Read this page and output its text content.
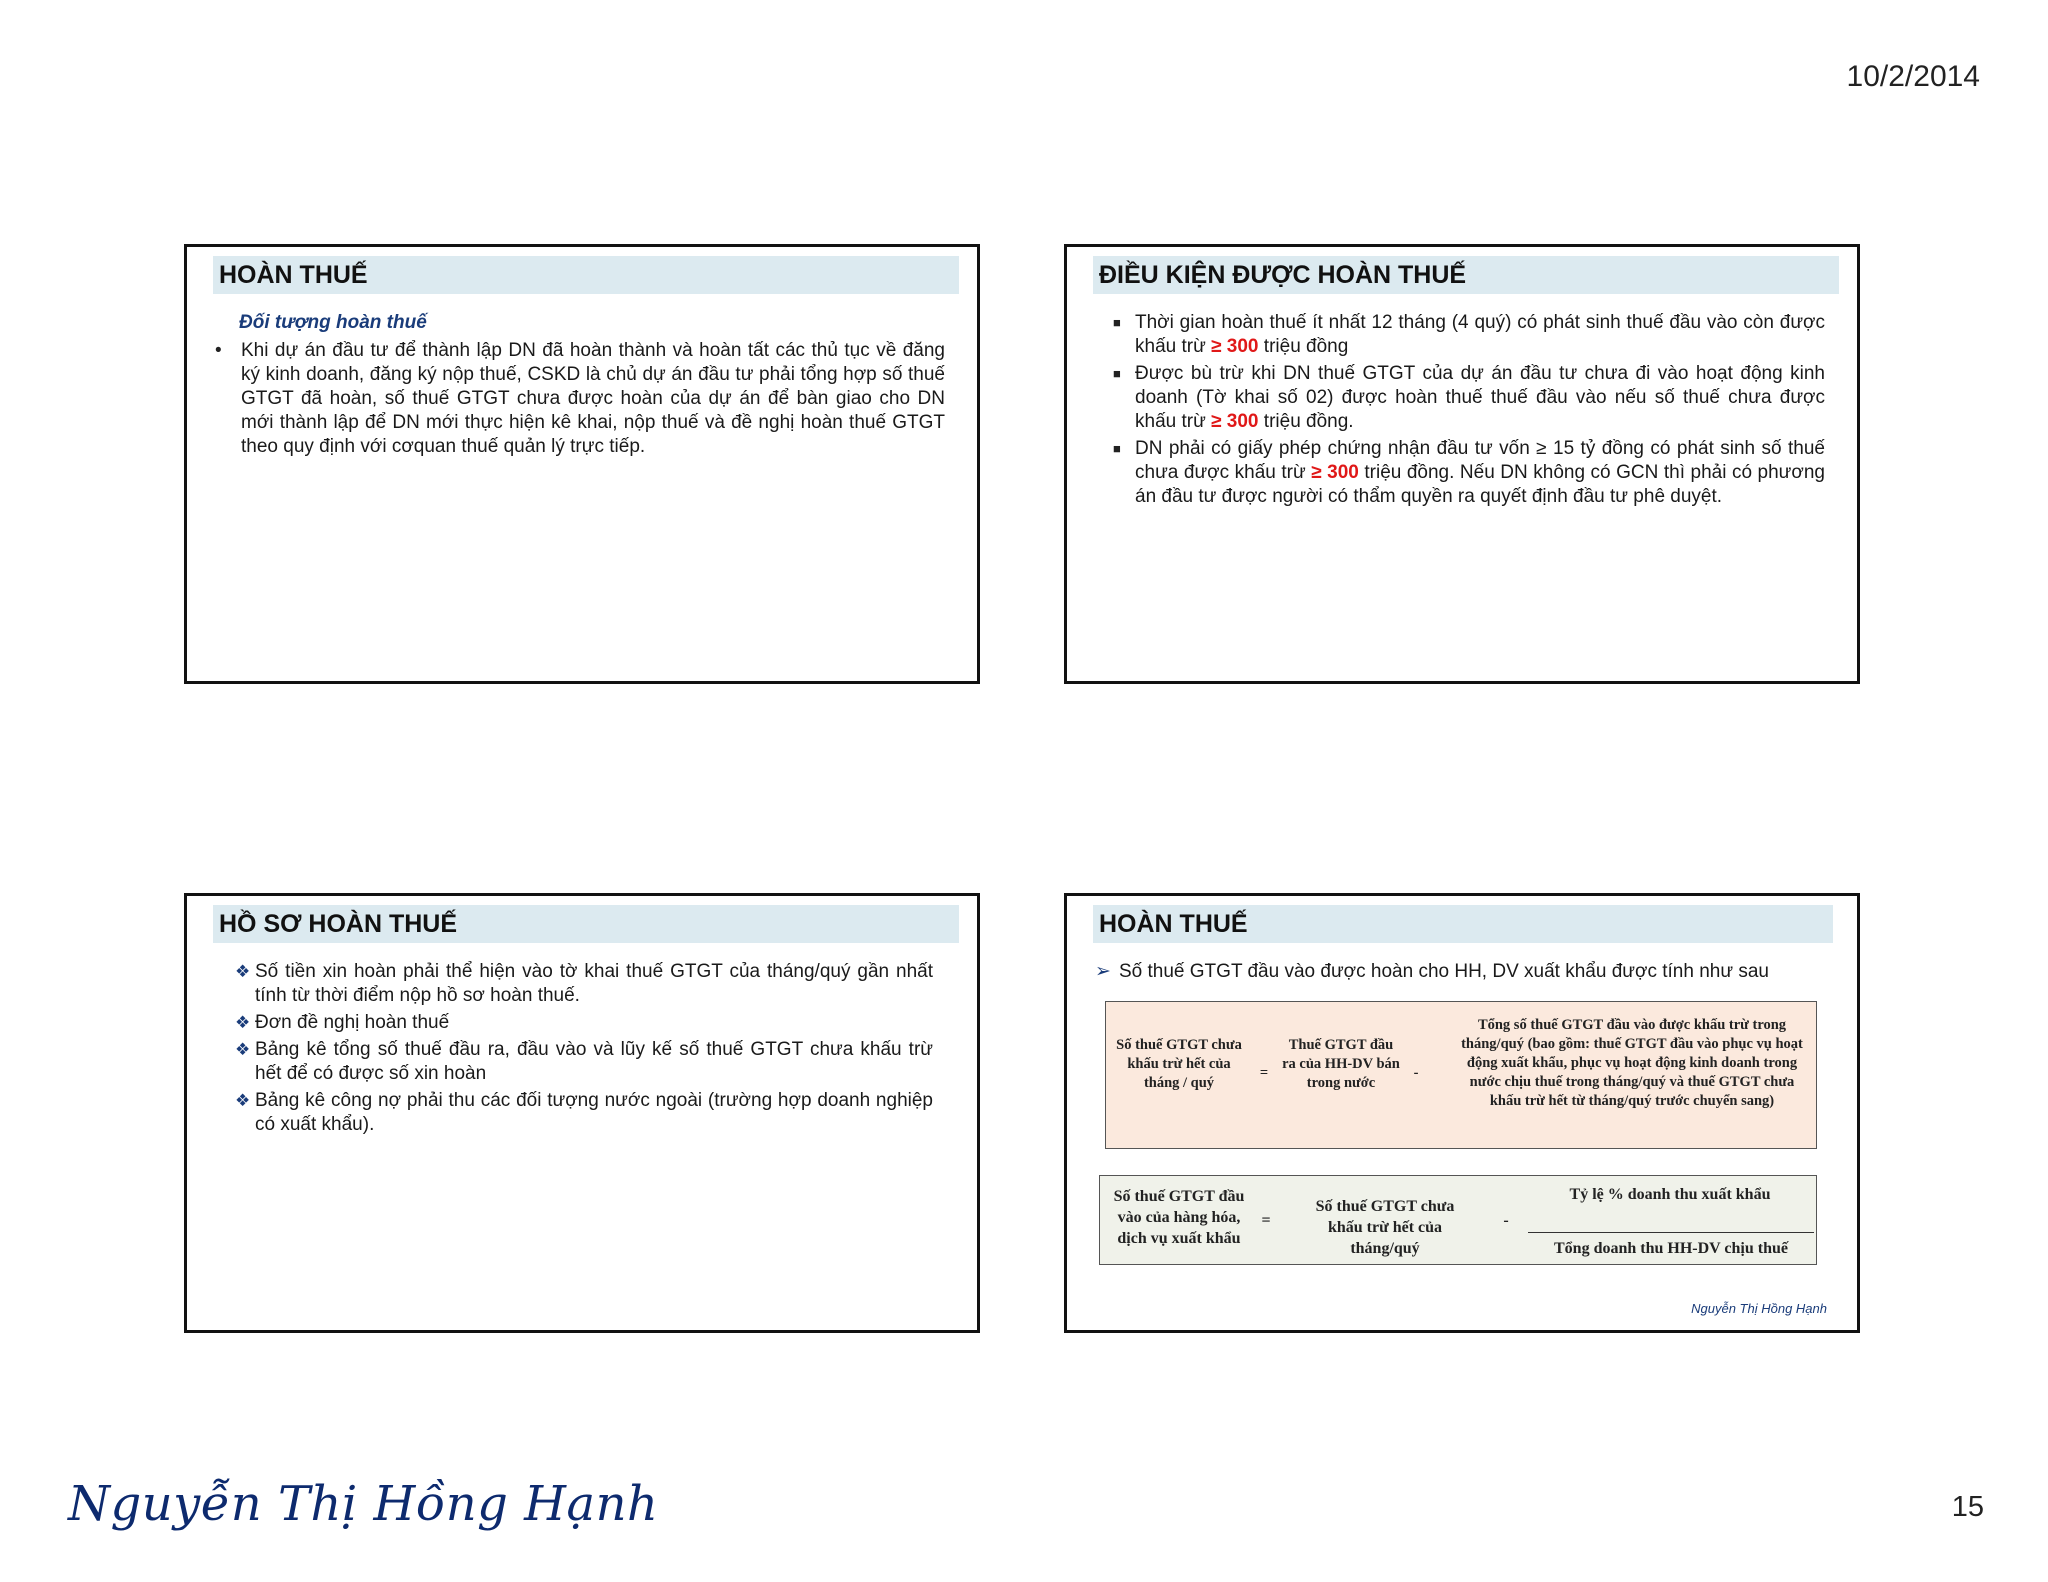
10/2/2014
HOÀN THUẾ
Đối tượng hoàn thuế
• Khi dự án đầu tư để thành lập DN đã hoàn thành và hoàn tất các thủ tục về đăng ký kinh doanh, đăng ký nộp thuế, CSKD là chủ dự án đầu tư phải tổng hợp số thuế GTGT đã hoàn, số thuế GTGT chưa được hoàn của dự án để bàn giao cho DN mới thành lập để DN mới thực hiện kê khai, nộp thuế và đề nghị hoàn thuế GTGT theo quy định với cơquan thuế quản lý trực tiếp.
ĐIỀU KIỆN ĐƯỢC HOÀN THUẾ
■ Thời gian hoàn thuế ít nhất 12 tháng (4 quý) có phát sinh thuế đầu vào còn được khấu trừ ≥ 300 triệu đồng
■ Được bù trừ khi DN thuế GTGT của dự án đầu tư chưa đi vào hoạt động kinh doanh (Tờ khai số 02) được hoàn thuế thuế đầu vào nếu số thuế chưa được khấu trừ ≥ 300 triệu đồng.
■ DN phải có giấy phép chứng nhận đầu tư vốn ≥ 15 tỷ đồng có phát sinh số thuế chưa được khấu trừ ≥ 300 triệu đồng. Nếu DN không có GCN thì phải có phương án đầu tư được người có thẩm quyền ra quyết định đầu tư phê duyệt.
HỒ SƠ HOÀN THUẾ
❖ Số tiền xin hoàn phải thể hiện vào tờ khai thuế GTGT của tháng/quý gần nhất tính từ thời điểm nộp hồ sơ hoàn thuế.
❖ Đơn đề nghị hoàn thuế
❖ Bảng kê tổng số thuế đầu ra, đầu vào và lũy kế số thuế GTGT chưa khấu trừ hết để có được số xin hoàn
❖ Bảng kê công nợ phải thu các đối tượng nước ngoài (trường hợp doanh nghiệp có xuất khẩu).
HOÀN THUẾ
➢ Số thuế GTGT đầu vào được hoàn cho HH, DV xuất khẩu được tính như sau
Số thuế GTGT chưa khấu trừ hết của tháng / quý
=
Thuế GTGT đầu ra của HH-DV bán trong nước
-
Tổng số thuế GTGT đầu vào được khấu trừ trong tháng/quý (bao gồm: thuế GTGT đầu vào phục vụ hoạt động xuất khẩu, phục vụ hoạt động kinh doanh trong nước chịu thuế trong tháng/quý và thuế GTGT chưa khấu trừ hết từ tháng/quý trước chuyển sang)
Số thuế GTGT đầu vào của hàng hóa, dịch vụ xuất khẩu
=
Số thuế GTGT chưa khấu trừ hết của tháng/quý
-
Tỷ lệ % doanh thu xuất khẩu
Tổng doanh thu HH-DV chịu thuế
Nguyễn Thị Hồng Hạnh
Nguyễn Thị Hồng Hạnh	15
